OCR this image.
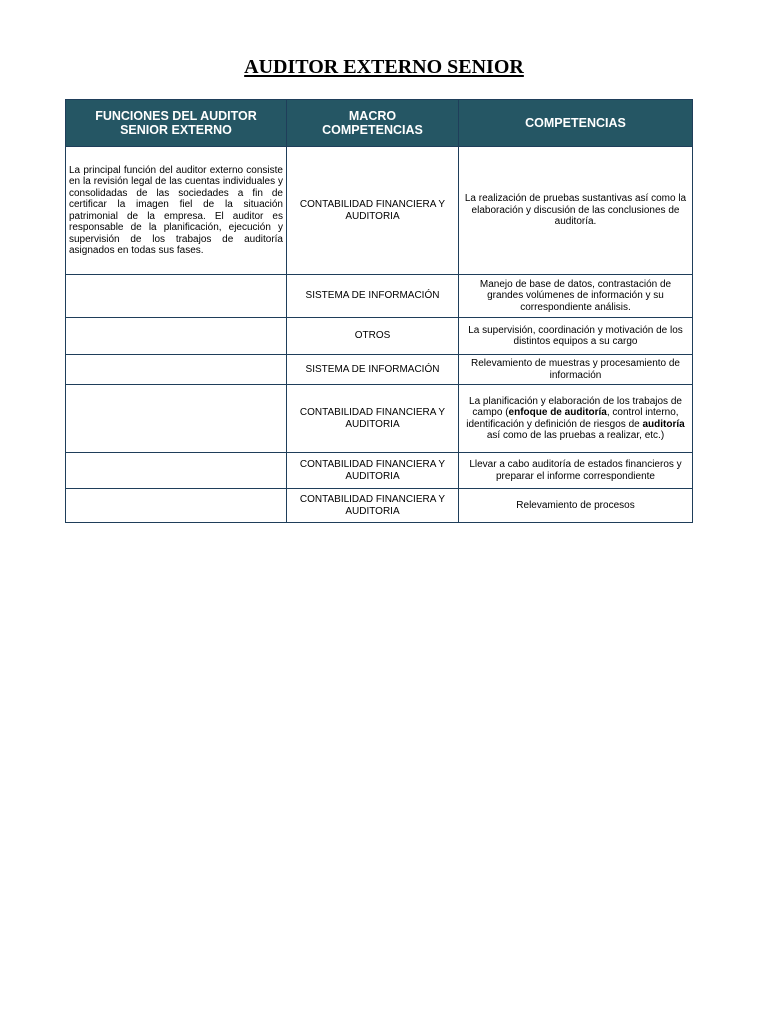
AUDITOR EXTERNO SENIOR
FUNCIONES DEL AUDITOR SENIOR EXTERNO	MACRO COMPETENCIAS	COMPETENCIAS
La principal función del auditor externo consiste en la revisión legal de las cuentas individuales y consolidadas de las sociedades a fin de certificar la imagen fiel de la situación patrimonial de la empresa. El auditor es responsable de la planificación, ejecución y supervisión de los trabajos de auditoría asignados en todas sus fases.	CONTABILIDAD FINANCIERA Y AUDITORIA	La realización de pruebas sustantivas así como la elaboración y discusión de las conclusiones de auditoría.
	SISTEMA DE INFORMACIÓN	Manejo de base de datos, contrastación de grandes volúmenes de información y su correspondiente análisis.
	OTROS	La supervisión, coordinación y motivación de los distintos equipos a su cargo
	SISTEMA DE INFORMACIÓN	Relevamiento de muestras y procesamiento de información
	CONTABILIDAD FINANCIERA Y AUDITORIA	La planificación y elaboración de los trabajos de campo (enfoque de auditoría, control interno, identificación y definición de riesgos de auditoría así como de las pruebas a realizar, etc.)
	CONTABILIDAD FINANCIERA Y AUDITORIA	Llevar a cabo auditoría de estados financieros y preparar el informe correspondiente
	CONTABILIDAD FINANCIERA Y AUDITORIA	Relevamiento de procesos
